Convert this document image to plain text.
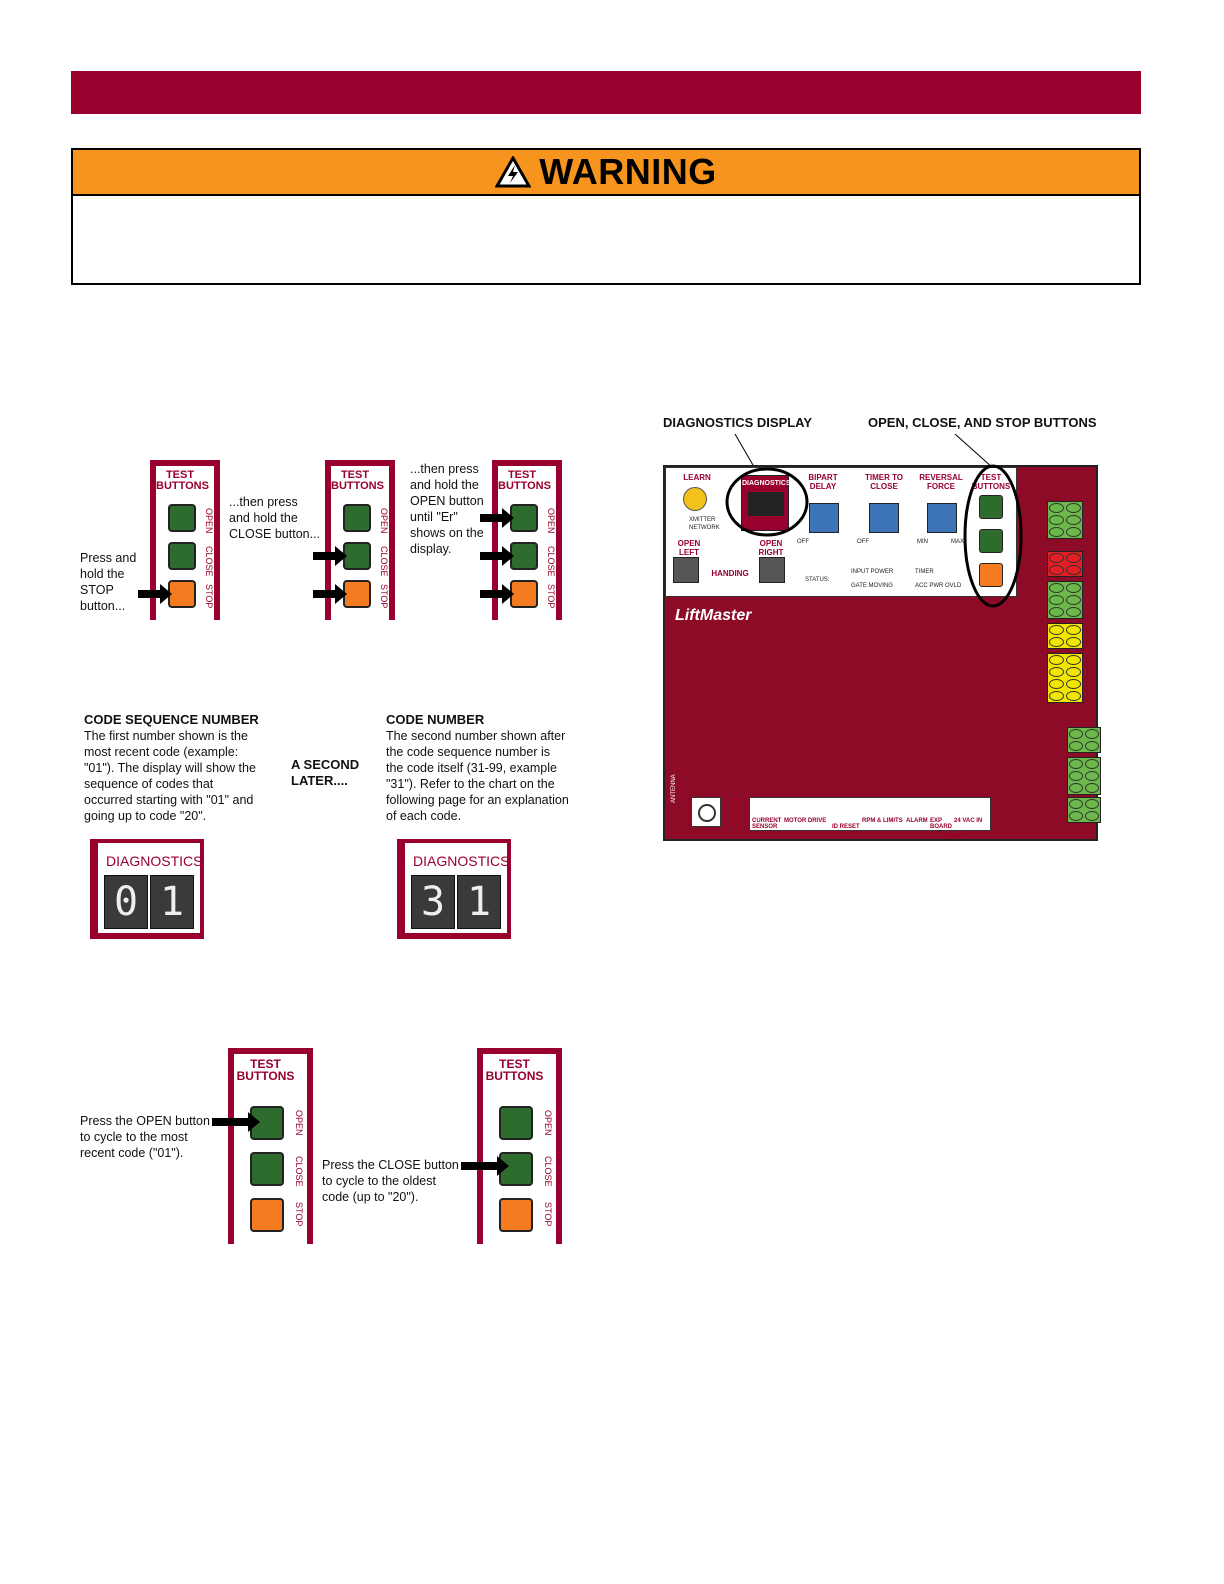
WARNING
TEST
BUTTONS
OPEN
CLOSE
STOP
Press and hold the STOP button...
TEST
BUTTONS
OPEN
CLOSE
STOP
...then press and hold the CLOSE button...
TEST
BUTTONS
OPEN
CLOSE
STOP
...then press and hold the OPEN button until "Er" shows on the display.
CODE SEQUENCE NUMBER
The first number shown is the most recent code (example: "01"). The display will show the sequence of codes that occurred starting with "01" and going up to code "20".
A SECOND LATER....
CODE NUMBER
The second number shown after the code sequence number is the code itself (31-99, example "31"). Refer to the chart on the following page for an explanation of each code.
DIAGNOSTICS
0 1
DIAGNOSTICS
3 1
TEST
BUTTONS
OPEN
CLOSE
STOP
Press the OPEN button to cycle to the most recent code ("01").
TEST
BUTTONS
OPEN
CLOSE
STOP
Press the CLOSE button to cycle to the oldest code (up to "20").
DIAGNOSTICS DISPLAY	OPEN, CLOSE, AND STOP BUTTONS
LEARN
XMITTER
NETWORK
DIAGNOSTICS
BIPART DELAY
OFF
TIMER TO CLOSE
OFF
REVERSAL FORCE
MIN	MAX
TEST BUTTONS
OPEN LEFT
OPEN RIGHT
HANDING
STATUS:
INPUT POWER
GATE MOVING
TIMER
ACC PWR OVLD
LiftMaster
ANTENNA
CURRENT SENSOR
MOTOR DRIVE
ID RESET
RPM & LIMITS ALARM EXP BOARD
24 VAC IN
GND
